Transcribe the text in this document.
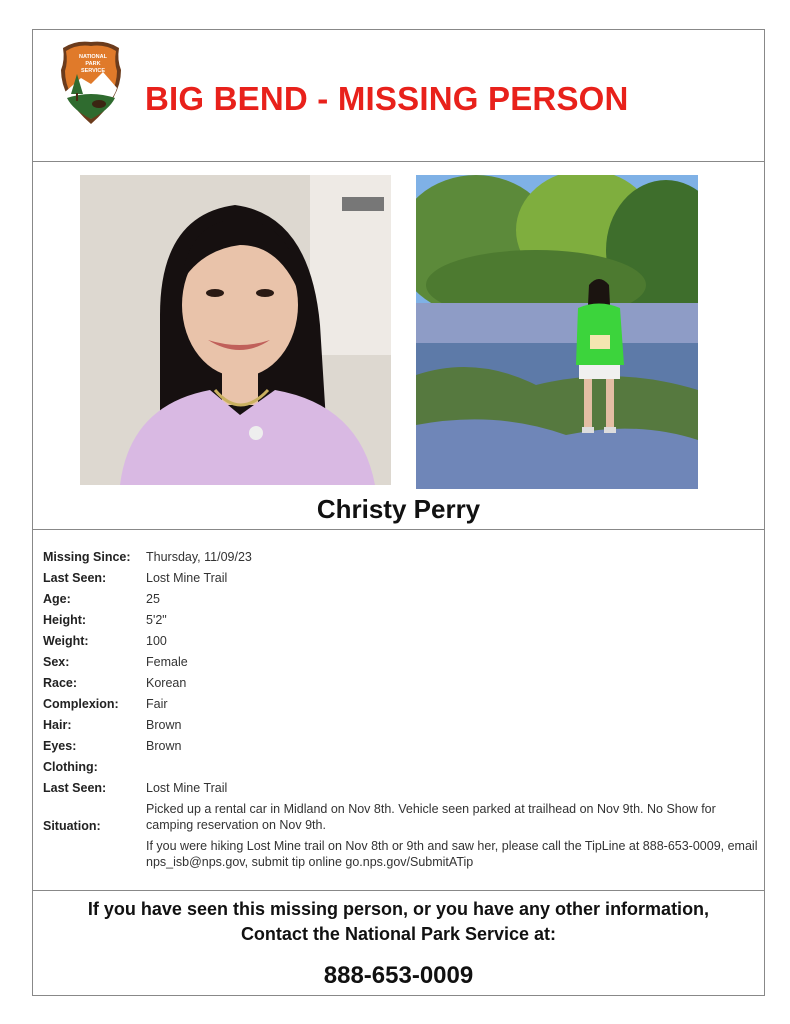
NATIONAL
PARK
SERVICE
BIG BEND - MISSING PERSON
Christy Perry
Missing Since: Thursday, 11/09/23
Last Seen:	Lost Mine Trail
Age:	25
Height:	5'2"
Weight:	100
Sex:	Female
Race:	Korean
Complexion: Fair
Hair:	Brown
Eyes:	Brown
Clothing:
Last Seen:	Lost Mine Trail
Situation:
Picked up a rental car in Midland on Nov 8th. Vehicle seen parked at trailhead on Nov 9th. No Show for camping reservation on Nov 9th.
If you were hiking Lost Mine trail on Nov 8th or 9th and saw her, please call the TipLine at 888-653-0009, email nps_isb@nps.gov, submit tip online go.nps.gov/SubmitATip
If you have seen this missing person, or you have any other information, Contact the National Park Service at:
888-653-0009
